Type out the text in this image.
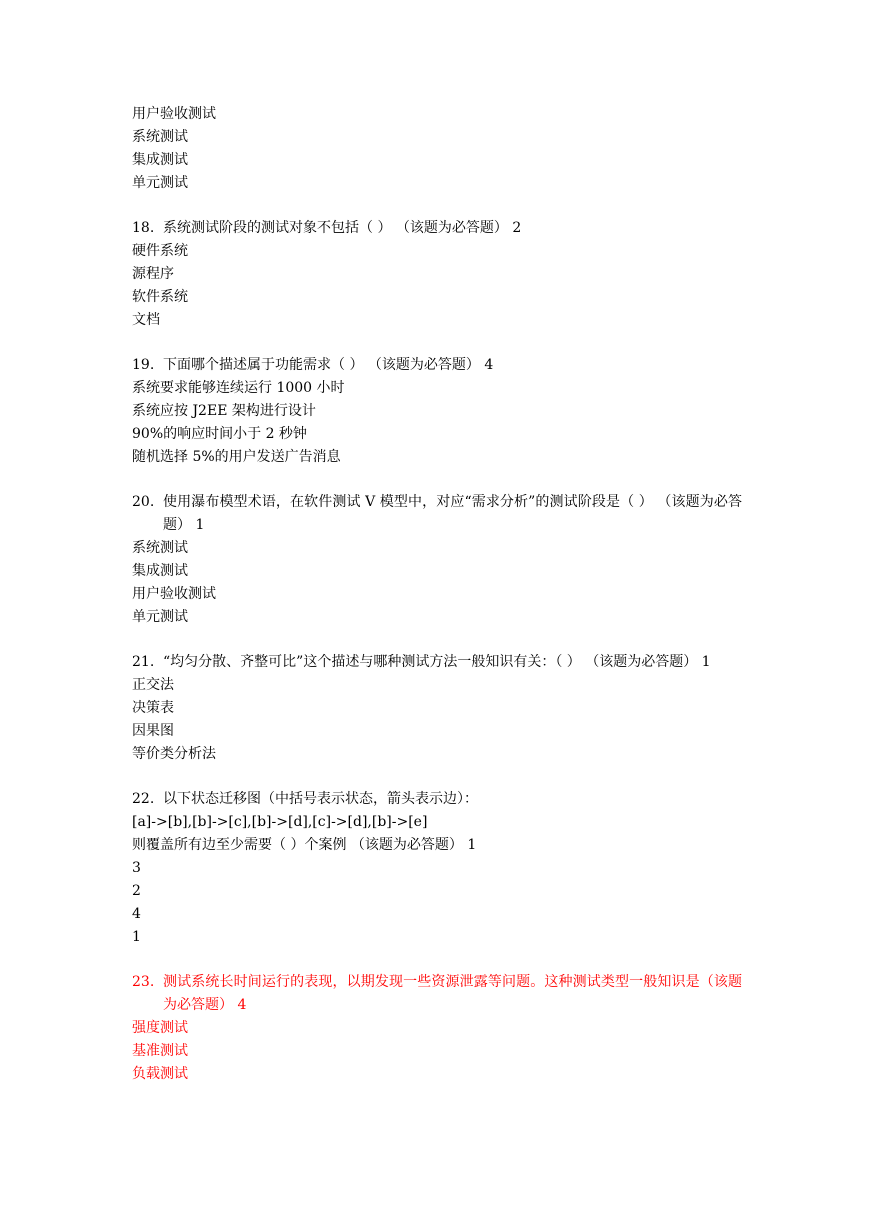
用户验收测试
系统测试
集成测试
单元测试
18. 系统测试阶段的测试对象不包括（ ） （该题为必答题） 2
硬件系统
源程序
软件系统
文档
19. 下面哪个描述属于功能需求（ ） （该题为必答题） 4
系统要求能够连续运行 1000 小时
系统应按 J2EE 架构进行设计
90%的响应时间小于 2 秒钟
随机选择 5%的用户发送广告消息
20. 使用瀑布模型术语，在软件测试 V 模型中，对应“需求分析”的测试阶段是（ ） （该题为必答题） 1
系统测试
集成测试
用户验收测试
单元测试
21. “均匀分散、齐整可比”这个描述与哪种测试方法一般知识有关：（ ） （该题为必答题） 1
正交法
决策表
因果图
等价类分析法
22. 以下状态迁移图（中括号表示状态，箭头表示边）：
[a]->[b],[b]->[c],[b]->[d],[c]->[d],[b]->[e]
则覆盖所有边至少需要（ ）个案例 （该题为必答题） 1
3
2
4
1
23. 测试系统长时间运行的表现，以期发现一些资源泄露等问题。这种测试类型一般知识是（该题为必答题） 4
强度测试
基准测试
负载测试
